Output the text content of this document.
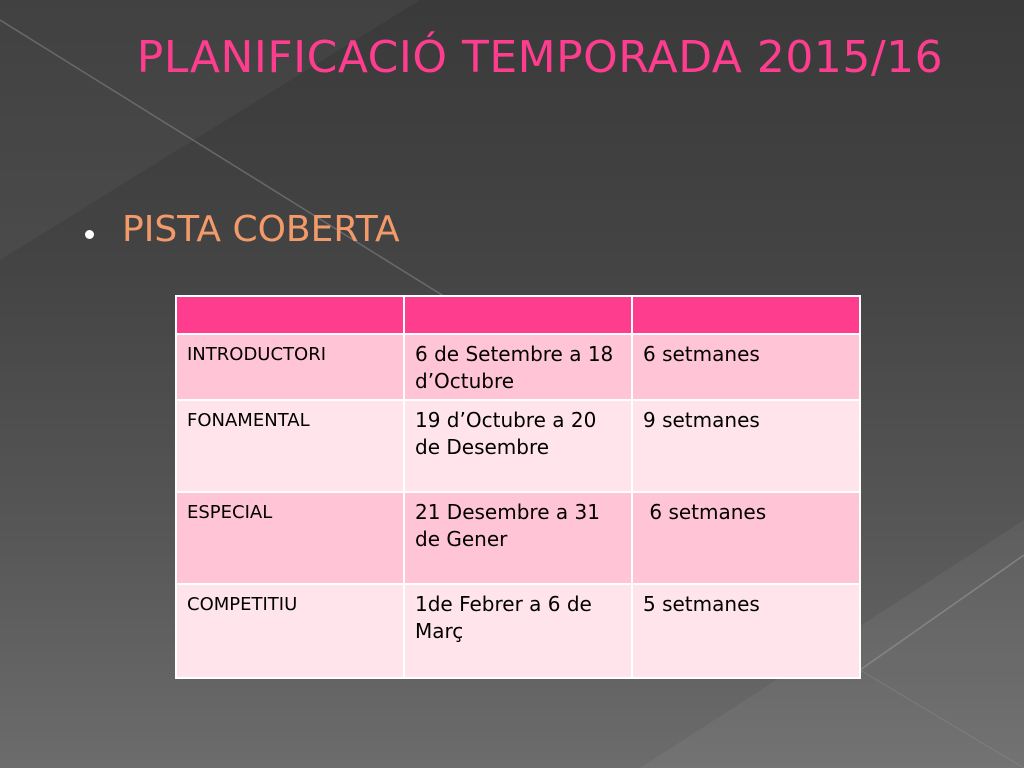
PLANIFICACIÓ TEMPORADA 2015/16
PISTA COBERTA

INTRODUCTORI	6 de Setembre a 18 d’Octubre	6 setmanes
FONAMENTAL	19 d’Octubre a 20 de Desembre	9 setmanes
ESPECIAL	21 Desembre a 31 de Gener	6 setmanes
COMPETITIU	1de Febrer a 6 de Març	5 setmanes
